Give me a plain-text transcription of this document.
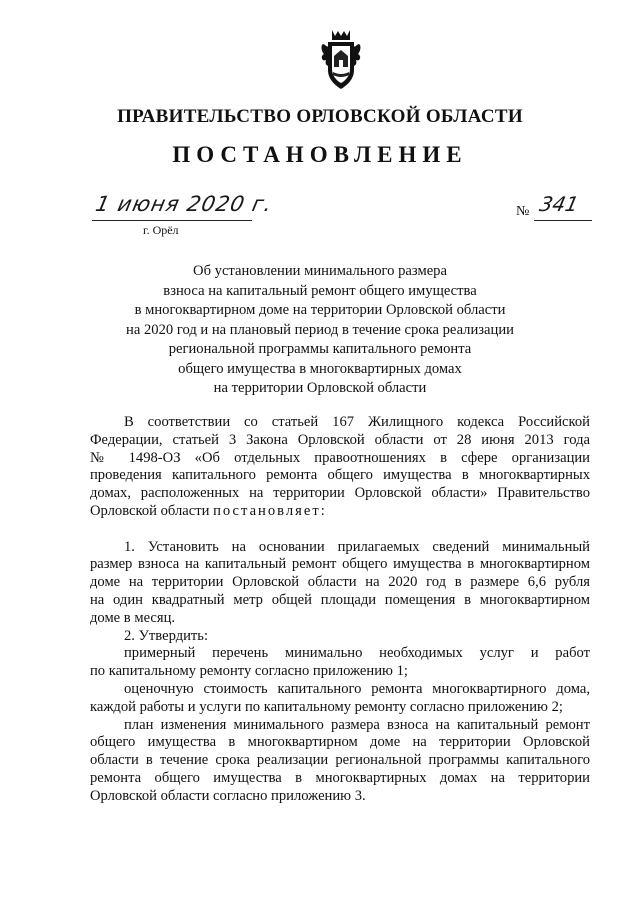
ПРАВИТЕЛЬСТВО ОРЛОВСКОЙ ОБЛАСТИ
ПОСТАНОВЛЕНИЕ
1 июня 2020 г.
г. Орёл
№ 341
Об установлении минимального размера
взноса на капитальный ремонт общего имущества
в многоквартирном доме на территории Орловской области
на 2020 год и на плановый период в течение срока реализации
региональной программы капитального ремонта
общего имущества в многоквартирных домах
на территории Орловской области
В соответствии со статьей 167 Жилищного кодекса Российской
Федерации, статьей 3 Закона Орловской области от 28 июня 2013 года
№ 1498-ОЗ «Об отдельных правоотношениях в сфере организации
проведения капитального ремонта общего имущества в многоквартирных
домах, расположенных на территории Орловской области» Правительство
Орловской области постановляет:
1. Установить на основании прилагаемых сведений минимальный
размер взноса на капитальный ремонт общего имущества в многоквартирном
доме на территории Орловской области на 2020 год в размере 6,6 рубля
на один квадратный метр общей площади помещения в многоквартирном
доме в месяц.
2. Утвердить:
примерный перечень минимально необходимых услуг и работ
по капитальному ремонту согласно приложению 1;
оценочную стоимость капитального ремонта многоквартирного дома,
каждой работы и услуги по капитальному ремонту согласно приложению 2;
план изменения минимального размера взноса на капитальный ремонт
общего имущества в многоквартирном доме на территории Орловской
области в течение срока реализации региональной программы капитального
ремонта общего имущества в многоквартирных домах на территории
Орловской области согласно приложению 3.
